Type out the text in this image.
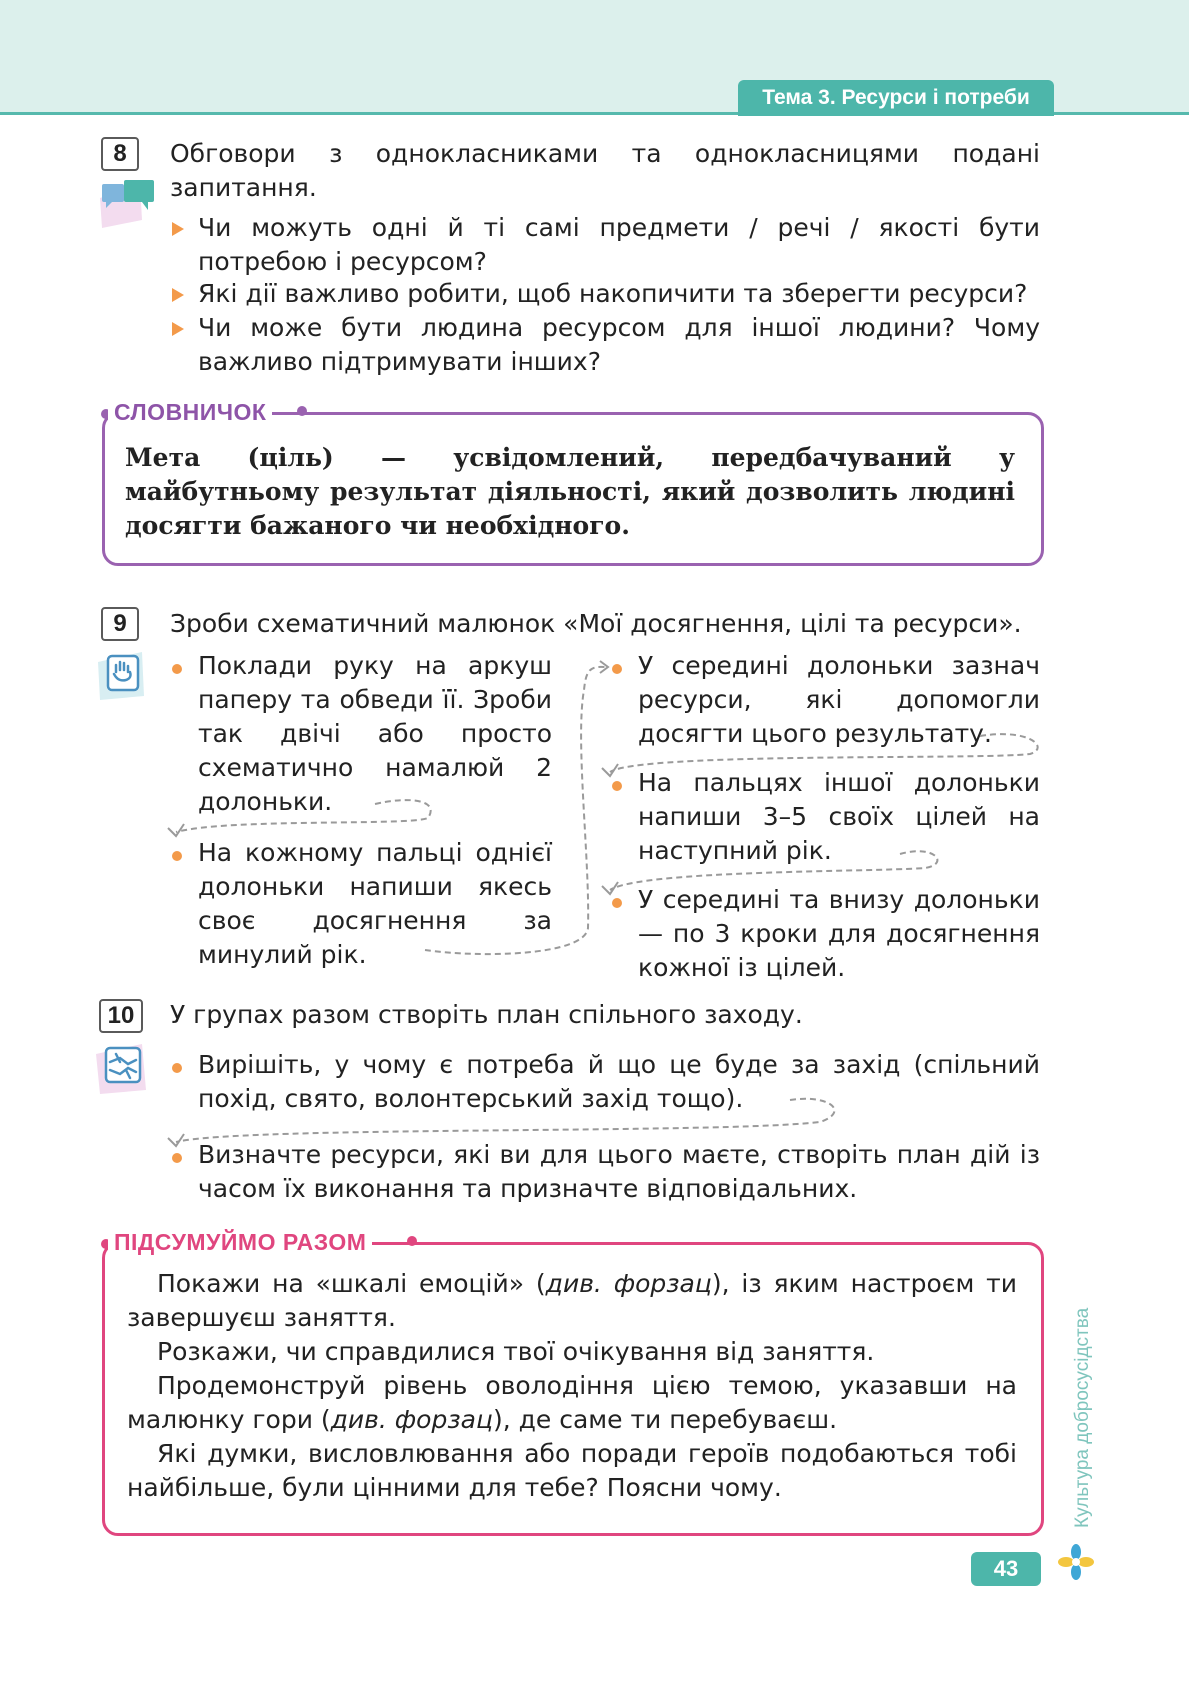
Тема 3. Ресурси і потреби
8	Обговори з однокласниками та однокласницями подані запитання.
Чи можуть одні й ті самі предмети / речі / якості бути потребою і ресурсом?
Які дії важливо робити, щоб накопичити та зберегти ресурси?
Чи може бути людина ресурсом для іншої людини? Чому важливо підтримувати інших?
Мета (ціль) — усвідомлений, передбачуваний у майбутньому результат діяльності, який дозволить людині досягти бажаного чи необхідного.
СЛОВНИЧОК
9	Зроби схематичний малюнок «Мої досягнення, цілі та ресурси».
Поклади руку на аркуш паперу та обведи її. Зроби так двічі або просто схематично намалюй 2 долоньки.
На кожному пальці однієї долоньки напиши якесь своє досягнення за минулий рік.
У середині долоньки зазнач ресурси, які допомогли досягти цього результату.
На пальцях іншої долоньки напиши 3–5 своїх цілей на наступний рік.
У середині та внизу долоньки — по 3 кроки для досягнення кожної із цілей.
10	У групах разом створіть план спільного заходу.
Вирішіть, у чому є потреба й що це буде за захід (спільний похід, свято, волонтерський захід тощо).
Визначте ресурси, які ви для цього маєте, створіть план дій із часом їх виконання та призначте відповідальних.
Покажи на «шкалі емоцій» (див. форзац), із яким настроєм ти завершуєш заняття.
Розкажи, чи справдилися твої очікування від заняття.
Продемонструй рівень оволодіння цією темою, указавши на малюнку гори (див. форзац), де саме ти перебуваєш.
Які думки, висловлювання або поради героїв подобаються тобі найбільше, були цінними для тебе? Поясни чому.
ПІДСУМУЙМО РАЗОМ
Культура добросусідства
43
